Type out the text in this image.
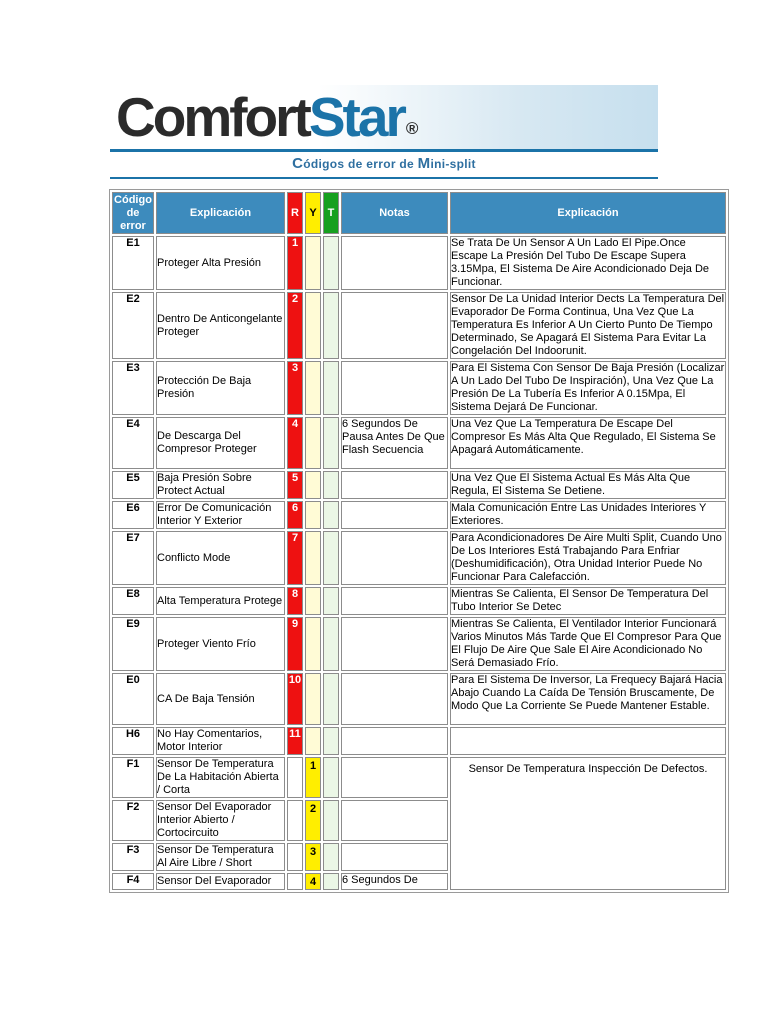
ComfortStar ®
Códigos de error de Mini-split
Código de error	Explicación	R	Y	T	Notas	Explicación
E1	Proteger Alta Presión	1				Se Trata De Un Sensor A Un Lado El Pipe.Once Escape La Presión Del Tubo De Escape Supera 3.15Mpa, El Sistema De Aire Acondicionado Deja De Funcionar.
E2	Dentro De Anticongelante Proteger	2				Sensor De La Unidad Interior Dects La Temperatura Del Evaporador De Forma Continua, Una Vez Que La Temperatura Es Inferior A Un Cierto Punto De Tiempo Determinado, Se Apagará El Sistema Para Evitar La Congelación Del Indoorunit.
E3	Protección De Baja Presión	3				Para El Sistema Con Sensor De Baja Presión (Localizar A Un Lado Del Tubo De Inspiración), Una Vez Que La Presión De La Tubería Es Inferior A 0.15Mpa, El Sistema Dejará De Funcionar.
E4	De Descarga Del Compresor Proteger	4			6 Segundos De Pausa Antes De Que Flash Secuencia	Una Vez Que La Temperatura De Escape Del Compresor Es Más Alta Que Regulado, El Sistema Se Apagará Automáticamente.
E5	Baja Presión Sobre Protect Actual	5				Una Vez Que El Sistema Actual Es Más Alta Que Regula, El Sistema Se Detiene.
E6	Error De Comunicación Interior Y Exterior	6				Mala Comunicación Entre Las Unidades Interiores Y Exteriores.
E7	Conflicto Mode	7				Para Acondicionadores De Aire Multi Split, Cuando Uno De Los Interiores Está Trabajando Para Enfriar (Deshumidificación), Otra Unidad Interior Puede No Funcionar Para Calefacción.
E8	Alta Temperatura Protege	8				Mientras Se Calienta, El Sensor De Temperatura Del Tubo Interior Se Detec
E9	Proteger Viento Frío	9				Mientras Se Calienta, El Ventilador Interior Funcionará Varios Minutos Más Tarde Que El Compresor Para Que El Flujo De Aire Que Sale El Aire Acondicionado No Será Demasiado Frío.
E0	CA De Baja Tensión	10				Para El Sistema De Inversor, La Frequecy Bajará Hacia Abajo Cuando La Caída De Tensión Bruscamente, De Modo Que La Corriente Se Puede Mantener Estable.
H6	No Hay Comentarios, Motor Interior	11				
F1	Sensor De Temperatura De La Habitación Abierta / Corta		1			Sensor De Temperatura Inspección De Defectos.
F2	Sensor Del Evaporador Interior Abierto / Cortocircuito		2			
F3	Sensor De Temperatura Al Aire Libre / Short		3			
F4	Sensor Del Evaporador		4		6 Segundos De	
